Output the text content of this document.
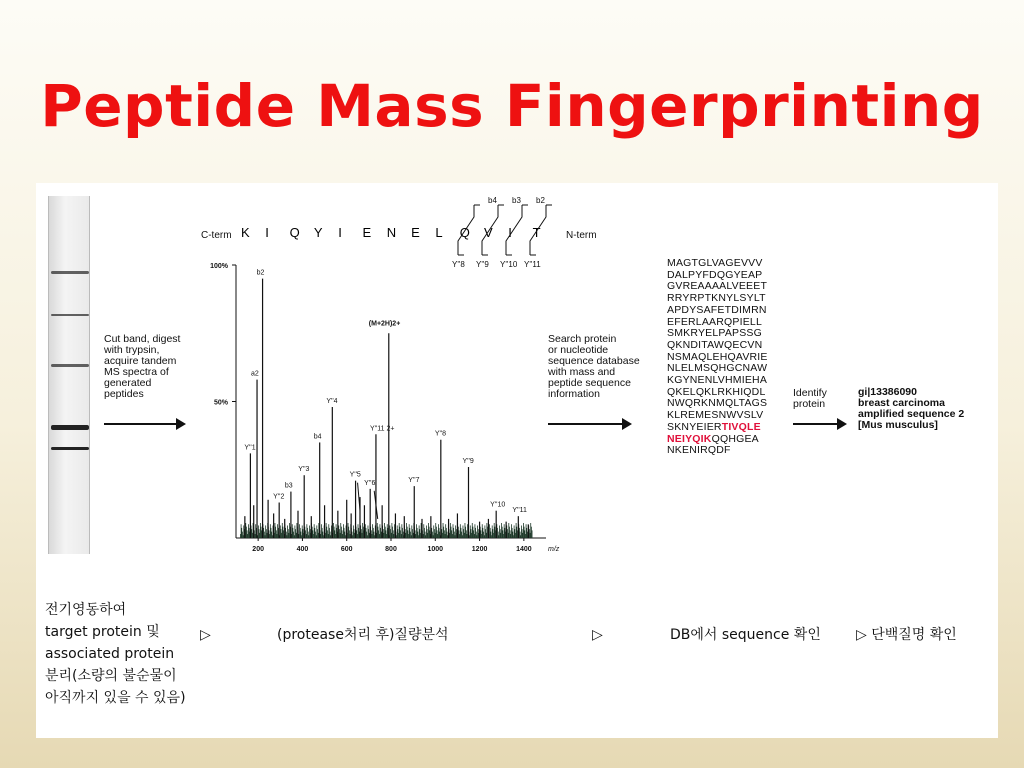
Peptide Mass Fingerprinting
Cut band, digest
with trypsin,
acquire tandem
MS spectra of
generated
peptides
C-term	N-term
K I Q Y I E N E L Q V I T
b4 b3 b2
Y''8 Y''9 Y''10 Y''11
100%
50%
200	400	600	800	1000	1200	1400 m/z
(M+2H)2+
b2
a2
Y''1
Y''2
b3
Y''3
b4
Y''4
Y''5
Y''6
Y''11 2+
Y''7
Y''8
Y''9
Y''10
Y''11
Search protein
or nucleotide
sequence database
with mass and
peptide sequence
information
MAGTGLVAGEVVV
DALPYFDQGYEAP
GVREAAAALVEEET
RRYRPTKNYLSYLT
APDYSAFETDIMRN
EFERLAARQPIELL
SMKRYELPAPSSG
QKNDITAWQECVN
NSMAQLEHQAVRIE
NLELMSQHGCNAW
KGYNENLVHMIEHA
QKELQKLRKHIQDL
NWQRKNMQLTAGS
KLREMESNWVSLV
SKNYEIERTIVQLE
NEIYQIKQQHGEA
NKENIRQDF
Identify
protein
gi|13386090
breast carcinoma
amplified sequence 2
[Mus musculus]
전기영동하여
target protein 및
associated protein
분리(소량의 불순물이
아직까지 있을 수 있음)
▷	(protease처리 후)질량분석	▷	DB에서 sequence 확인	▷ 단백질명 확인
